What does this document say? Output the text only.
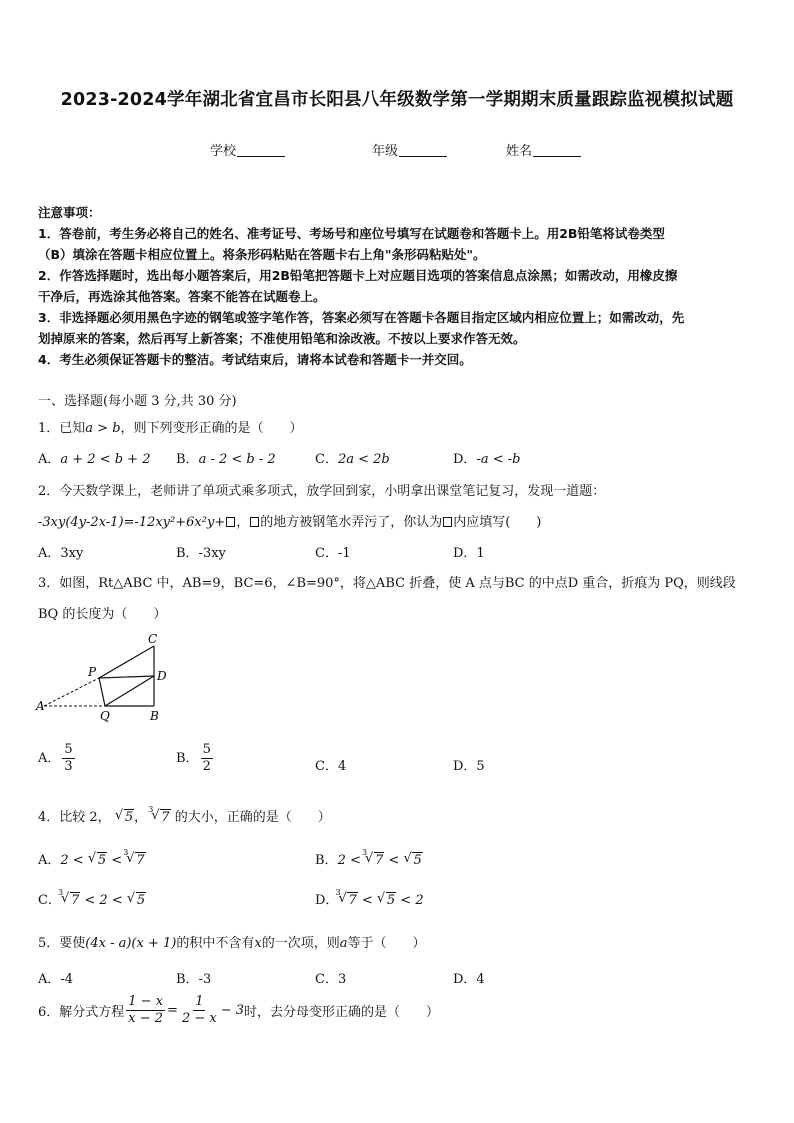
2023-2024学年湖北省宜昌市长阳县八年级数学第一学期期末质量跟踪监视模拟试题
学校	年级	姓名
注意事项：
1．答卷前，考生务必将自己的姓名、准考证号、考场号和座位号填写在试题卷和答题卡上。用2B铅笔将试卷类型
（B）填涂在答题卡相应位置上。将条形码粘贴在答题卡右上角"条形码粘贴处"。
2．作答选择题时，选出每小题答案后，用2B铅笔把答题卡上对应题目选项的答案信息点涂黑；如需改动，用橡皮擦
干净后，再选涂其他答案。答案不能答在试题卷上。
3．非选择题必须用黑色字迹的钢笔或签字笔作答，答案必须写在答题卡各题目指定区域内相应位置上；如需改动，先
划掉原来的答案，然后再写上新答案；不准使用铅笔和涂改液。不按以上要求作答无效。
4．考生必须保证答题卡的整洁。考试结束后，请将本试卷和答题卡一并交回。
一、选择题(每小题 3 分,共 30 分)
1．已知a > b，则下列变形正确的是（　　）
A．a + 2 < b + 2 B．a - 2 < b - 2	C．2a < 2b	D．-a < -b
2．今天数学课上，老师讲了单项式乘多项式，放学回到家，小明拿出课堂笔记复习，发现一道题：
-3xy(4y-2x-1)=-12xy²+6x²y+ ， 的地方被钢笔水弄污了，你认为 内应填写(　　)
A．3xy	B．-3xy	C．-1	D．1
3．如图，Rt△ABC 中，AB=9，BC=6，∠B=90°，将△ABC 折叠，使 A 点与BC 的中点D 重合，折痕为 PQ，则线段
BQ 的长度为（　　）
C
P	D
A
Q	B
A． $\frac{5}{3}$	B． $\frac{5}{2}$	C．4	D．5
4．比较 2， √ 5，
3
√ 7 的大小，正确的是（　　）
A．2 < √ 5 <
3
√ 7	B．2 <
3
√ 7 < √ 5
C．
3
√ 7 < 2 < √ 5	D．
3
√ 7 < √ 5 < 2
5．要使(4x - a)(x + 1)的积中不含有x的一次项，则a等于（　　）
A．-4	B．-3	C．3	D．4
6．解分式方程 $\frac{1 - x}{x - 2} = \frac{1}{2 - x} - 3$时，去分母变形正确的是（　　）
